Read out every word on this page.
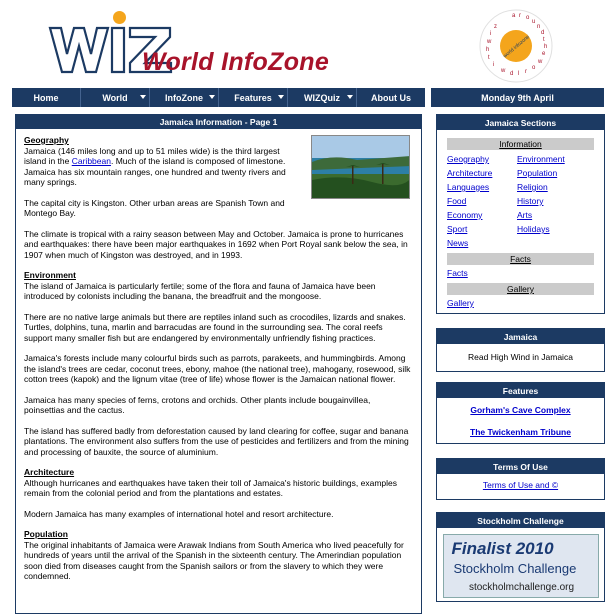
World InfoZone
a r o
u
n
d
t
h
e
w
o
r
l
d
w
i
t
h
w
i
z
world infozone
Home	World	InfoZone	Features	WIZQuiz	About Us	Monday 9th April
Jamaica Information - Page 1
Geography

Jamaica (146 miles long and up to 51 miles wide) is the third largest island in the Caribbean. Much of the island is composed of limestone. Jamaica has six mountain ranges, one hundred and twenty rivers and many springs.

The capital city is Kingston. Other urban areas are Spanish Town and Montego Bay.

The climate is tropical with a rainy season between May and October. Jamaica is prone to hurricanes and earthquakes: there have been major earthquakes in 1692 when Port Royal sank below the sea, in 1907 when much of Kingston was destroyed, and in 1993.

Environment

The island of Jamaica is particularly fertile; some of the flora and fauna of Jamaica have been introduced by colonists including the banana, the breadfruit and the mongoose.

There are no native large animals but there are reptiles inland such as crocodiles, lizards and snakes. Turtles, dolphins, tuna, marlin and barracudas are found in the surrounding sea. The coral reefs support many smaller fish but are endangered by environmentally unfriendly fishing practices.

Jamaica's forests include many colourful birds such as parrots, parakeets, and hummingbirds. Among the island's trees are cedar, coconut trees, ebony, mahoe (the national tree), mahogany, rosewood, silk cotton trees (kapok) and the lignum vitae (tree of life) whose flower is the Jamaican national flower.

Jamaica has many species of ferns, crotons and orchids. Other plants include bougainvillea, poinsettias and the cactus.

The island has suffered badly from deforestation caused by land clearing for coffee, sugar and banana plantations. The environment also suffers from the use of pesticides and fertilizers and from the mining and processing of bauxite, the source of aluminium.

Architecture

Although hurricanes and earthquakes have taken their toll of Jamaica's historic buildings, examples remain from the colonial period and from the plantations and estates.

Modern Jamaica has many examples of international hotel and resort architecture.

Population

The original inhabitants of Jamaica were Arawak Indians from South America who lived peacefully for hundreds of years until the arrival of the Spanish in the sixteenth century. The Amerindian population soon died from diseases caught from the Spanish sailors or from the slavery to which they were condemned.

Jamaica Sections
Information
Geography	Environment
Architecture	Population
Languages	Religion
Food	History
Economy	Arts
Sport	Holidays
News
Facts
Facts
Gallery
Gallery
Jamaica
Read High Wind in Jamaica
Features
Gorham's Cave Complex
The Twickenham Tribune
Terms Of Use
Terms of Use and ©
Stockholm Challenge
Finalist 2010
Stockholm Challenge
stockholmchallenge.org
